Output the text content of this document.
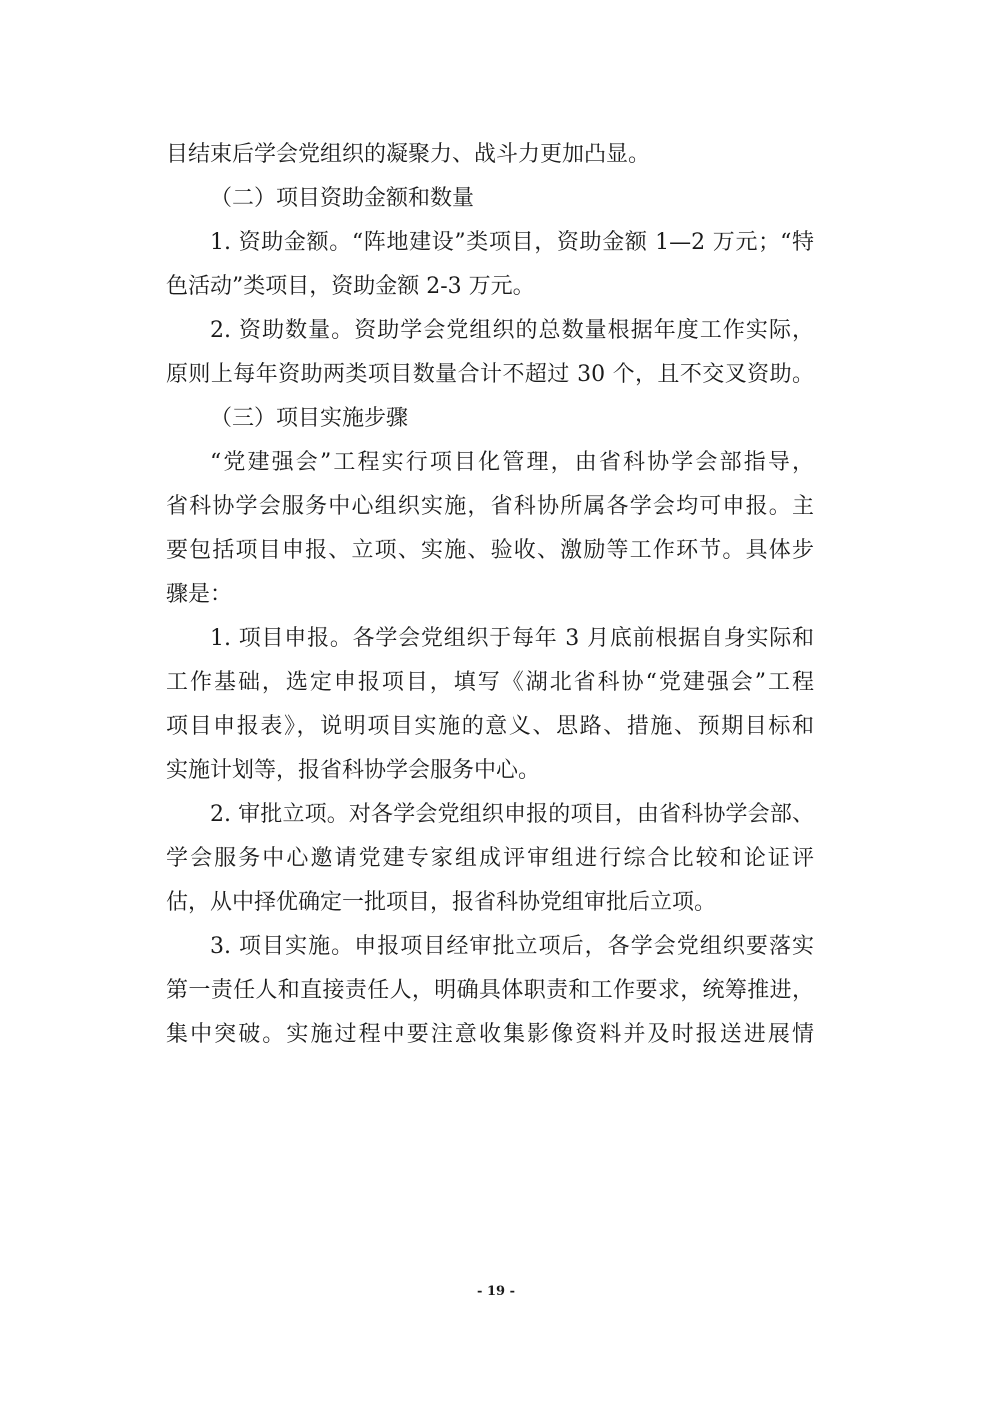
目结束后学会党组织的凝聚力、战斗力更加凸显。
（二）项目资助金额和数量
1. 资助金额。“阵地建设”类项目，资助金额 1—2 万元；“特
色活动”类项目，资助金额 2-3 万元。
2. 资助数量。资助学会党组织的总数量根据年度工作实际，
原则上每年资助两类项目数量合计不超过 30 个，且不交叉资助。
（三）项目实施步骤
“党建强会”工程实行项目化管理，由省科协学会部指导，
省科协学会服务中心组织实施，省科协所属各学会均可申报。主
要包括项目申报、立项、实施、验收、激励等工作环节。具体步
骤是：
1. 项目申报。各学会党组织于每年 3 月底前根据自身实际和
工作基础，选定申报项目，填写《湖北省科协“党建强会”工程
项目申报表》，说明项目实施的意义、思路、措施、预期目标和
实施计划等，报省科协学会服务中心。
2. 审批立项。对各学会党组织申报的项目，由省科协学会部、
学会服务中心邀请党建专家组成评审组进行综合比较和论证评
估，从中择优确定一批项目，报省科协党组审批后立项。
3. 项目实施。申报项目经审批立项后，各学会党组织要落实
第一责任人和直接责任人，明确具体职责和工作要求，统筹推进，
集中突破。实施过程中要注意收集影像资料并及时报送进展情
- 19 -
